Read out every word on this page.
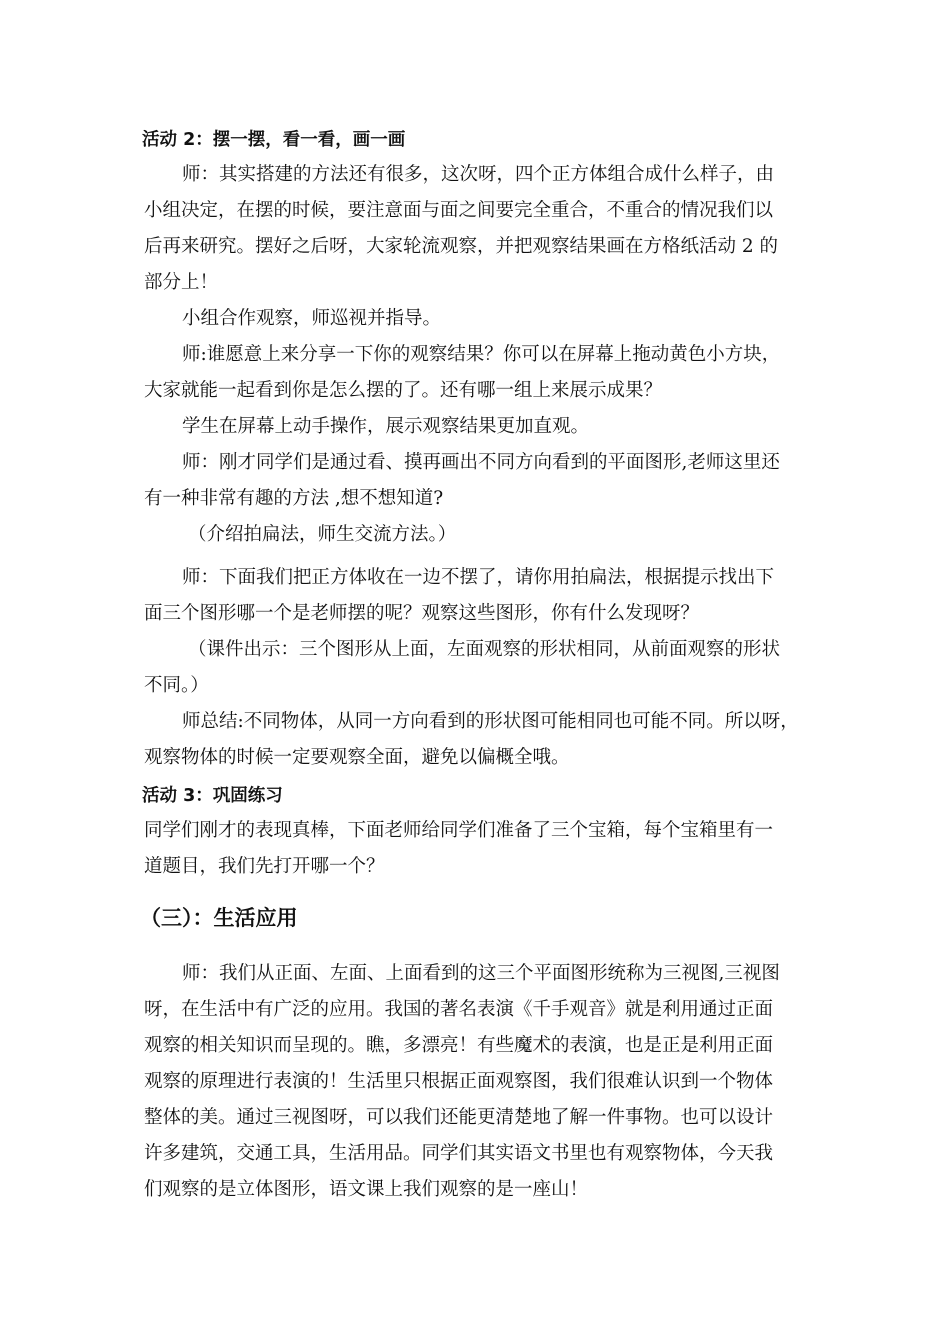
活动 2：摆一摆，看一看，画一画
师：其实搭建的方法还有很多，这次呀，四个正方体组合成什么样子，由
小组决定，在摆的时候，要注意面与面之间要完全重合，不重合的情况我们以
后再来研究。摆好之后呀，大家轮流观察，并把观察结果画在方格纸活动 2 的
部分上！
小组合作观察，师巡视并指导。
师:谁愿意上来分享一下你的观察结果？你可以在屏幕上拖动黄色小方块，
大家就能一起看到你是怎么摆的了。还有哪一组上来展示成果？
学生在屏幕上动手操作，展示观察结果更加直观。
师：刚才同学们是通过看、摸再画出不同方向看到的平面图形,老师这里还
有一种非常有趣的方法 ,想不想知道?
（介绍拍扁法，师生交流方法。）
师：下面我们把正方体收在一边不摆了，请你用拍扁法，根据提示找出下
面三个图形哪一个是老师摆的呢？观察这些图形，你有什么发现呀？
（课件出示：三个图形从上面，左面观察的形状相同，从前面观察的形状
不同。）
师总结:不同物体，从同一方向看到的形状图可能相同也可能不同。所以呀，
观察物体的时候一定要观察全面，避免以偏概全哦。
活动 3：巩固练习
同学们刚才的表现真棒，下面老师给同学们准备了三个宝箱，每个宝箱里有一
道题目，我们先打开哪一个？
（三）：生活应用
师：我们从正面、左面、上面看到的这三个平面图形统称为三视图,三视图
呀，在生活中有广泛的应用。我国的著名表演《千手观音》就是利用通过正面
观察的相关知识而呈现的。瞧，多漂亮！有些魔术的表演，也是正是利用正面
观察的原理进行表演的！生活里只根据正面观察图，我们很难认识到一个物体
整体的美。通过三视图呀，可以我们还能更清楚地了解一件事物。也可以设计
许多建筑，交通工具，生活用品。同学们其实语文书里也有观察物体，今天我
们观察的是立体图形，语文课上我们观察的是一座山！
